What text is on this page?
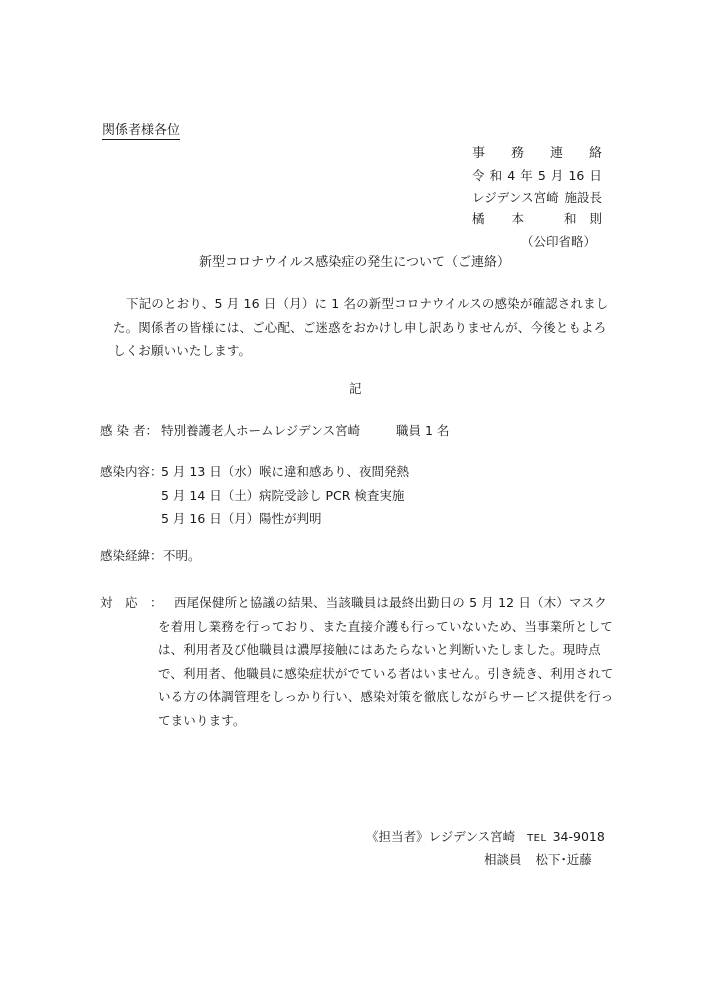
関係者様各位
事 務 連 絡
令 和 4 年 5 月 16 日
レジデンス宮崎 施設長
橘 本	和 則
（公印省略）
新型コロナウイルス感染症の発生について（ご連絡）
下記のとおり、5 月 16 日（月）に 1 名の新型コロナウイルスの感染が確認されました。関係者の皆様には、ご心配、ご迷惑をおかけし申し訳ありませんが、今後ともよろしくお願いいたします。
記
感 染 者： 特別養護老人ホームレジデンス宮崎	職員 1 名
感染内容：
5 月 13 日（水）喉に違和感あり、夜間発熱
5 月 14 日（土）病院受診し PCR 検査実施
5 月 16 日（月）陽性が判明
感染経緯： 不明。
対　応　： 西尾保健所と協議の結果、当該職員は最終出勤日の 5 月 12 日（木）マスクを着用し業務を行っており、また直接介護も行っていないため、当事業所としては、利用者及び他職員は濃厚接触にはあたらないと判断いたしました。現時点で、利用者、他職員に感染症状がでている者はいません。引き続き、利用されている方の体調管理をしっかり行い、感染対策を徹底しながらサービス提供を行ってまいります。
《担当者》レジデンス宮崎 TEL 34-9018
相談員 松下･近藤
